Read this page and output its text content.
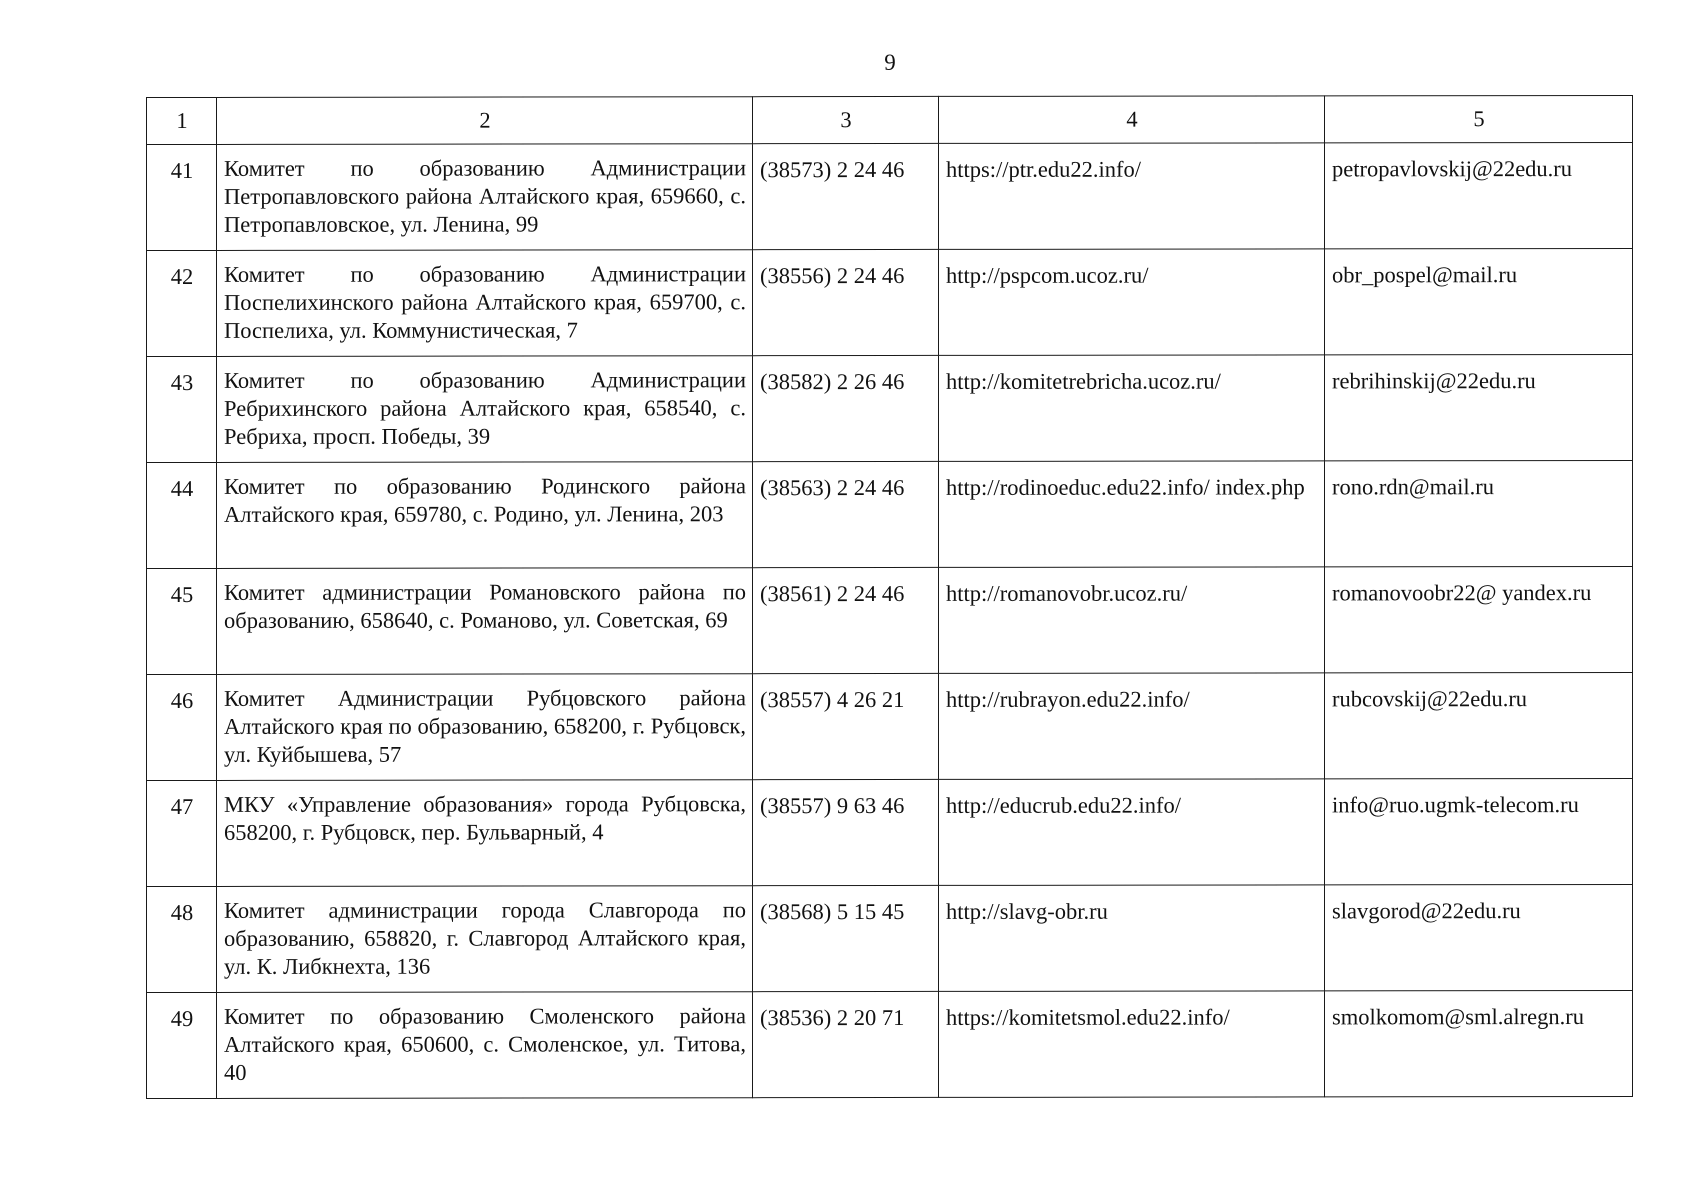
9
1	2	3	4	5
41	Комитет по образованию Администрации Петропавловского района Алтайского края, 659660, с. Петропавловское, ул. Ленина, 99	(38573) 2 24 46	https://ptr.edu22.info/	petropavlovskij@22edu.ru
42	Комитет по образованию Администрации Поспелихинского района Алтайского края, 659700, с. Поспелиха, ул. Коммунистическая, 7	(38556) 2 24 46	http://pspcom.ucoz.ru/	obr_pospel@mail.ru
43	Комитет по образованию Администрации Ребрихинского района Алтайского края, 658540, с. Ребриха, просп. Победы, 39	(38582) 2 26 46	http://komitetrebricha.ucoz.ru/	rebrihinskij@22edu.ru
44	Комитет по образованию Родинского района Алтайского края, 659780, с. Родино, ул. Ленина, 203	(38563) 2 24 46	http://rodinoeduc.edu22.info/ index.php	rono.rdn@mail.ru
45	Комитет администрации Романовского района по образованию, 658640, с. Романово, ул. Советская, 69	(38561) 2 24 46	http://romanovobr.ucoz.ru/	romanovoobr22@ yandex.ru
46	Комитет Администрации Рубцовского района Алтайского края по образованию, 658200, г. Рубцовск, ул. Куйбышева, 57	(38557) 4 26 21	http://rubrayon.edu22.info/	rubcovskij@22edu.ru
47	МКУ «Управление образования» города Рубцовска, 658200, г. Рубцовск, пер. Бульварный, 4	(38557) 9 63 46	http://educrub.edu22.info/	info@ruo.ugmk-telecom.ru
48	Комитет администрации города Славгорода по образованию, 658820, г. Славгород Алтайского края, ул. К. Либкнехта, 136	(38568) 5 15 45	http://slavg-obr.ru	slavgorod@22edu.ru
49	Комитет по образованию Смоленского района Алтайского края, 650600, с. Смоленское, ул. Титова, 40	(38536) 2 20 71	https://komitetsmol.edu22.info/	smolkomom@sml.alregn.ru
